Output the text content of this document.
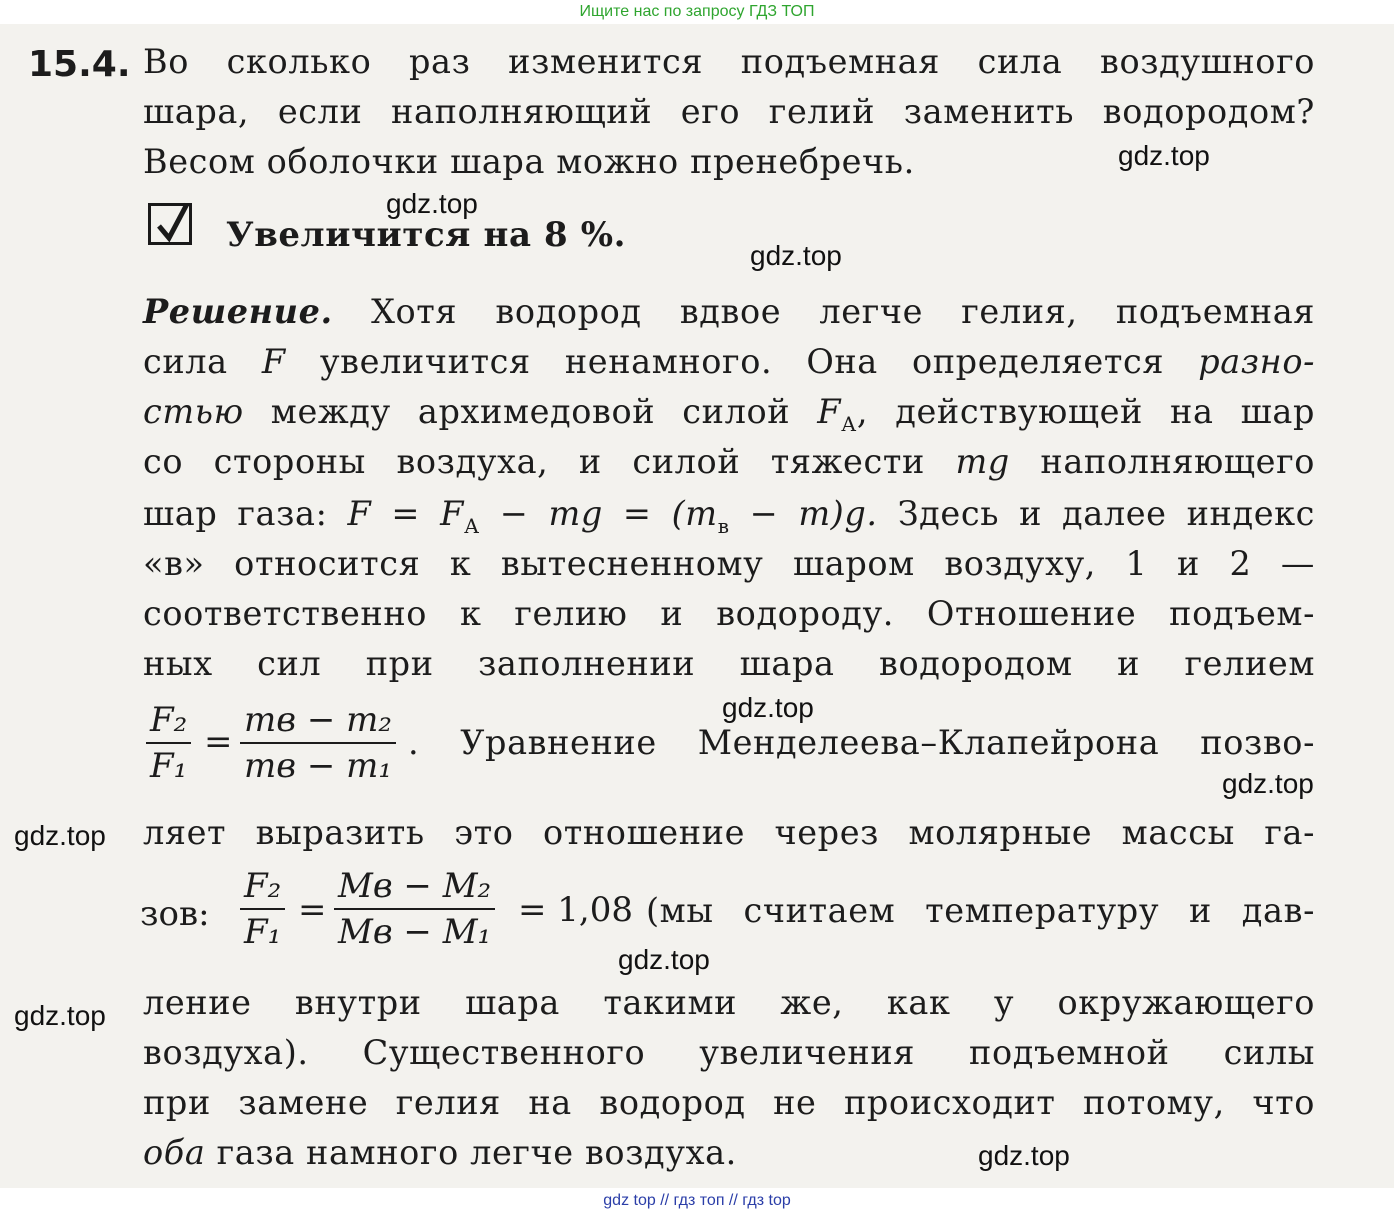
Ищите нас по запросу ГДЗ ТОП
15.4. Во сколько раз изменится подъемная сила воздушного
шара, если наполняющий его гелий заменить водородом?
Весом оболочки шара можно пренебречь.
Увеличится на 8 %.
Решение. Хотя водород вдвое легче гелия, подъемная
сила F увеличится ненамного. Она определяется разно-
стью между архимедовой силой $F_А$, действующей на шар
со стороны воздуха, и силой тяжести mg наполняющего
шар газа: $F = F_А$ − mg = $(m_в - m)g$. Здесь и далее индекс
«в» относится к вытесненному шаром воздуху, 1 и 2 —
соответственно к гелию и водороду. Отношение подъем-
ных сил при заполнении шара водородом и гелием
F₂
F₁
=
mв − m₂
mв − m₁
. Уравнение Менделеева–Клапейрона позво-
ляет выразить это отношение через молярные массы га-
зов:
F₂
F₁
=
Mв − M₂
Mв − M₁
= 1,08 (мы считаем температуру и дав-
ление внутри шара такими же, как у окружающего
воздуха). Существенного увеличения подъемной силы
при замене гелия на водород не происходит потому, что
оба газа намного легче воздуха.
gdz.top
gdz.top
gdz.top
gdz.top
gdz.top
gdz.top
gdz.top
gdz.top
gdz.top
gdz top // гдз топ // гдз top
